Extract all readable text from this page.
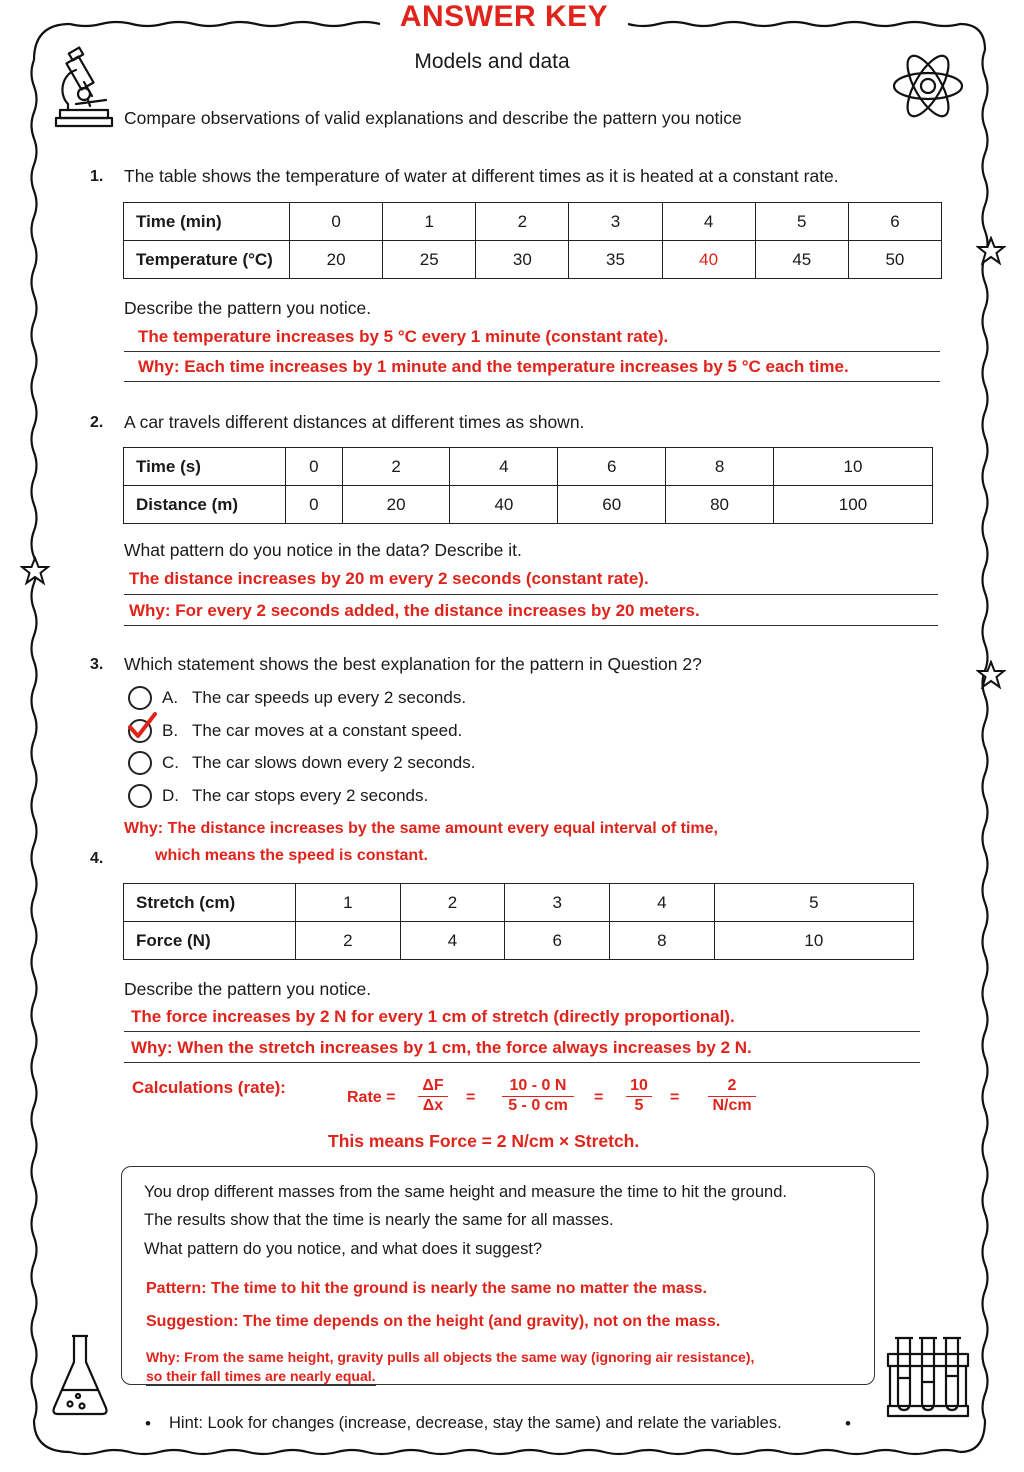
ANSWER KEY
Models and data
Compare observations of valid explanations and describe the pattern you notice
1. The table shows the temperature of water at different times as it is heated at a constant rate.
Time (min)	0	1	2	3	4	5	6
Temperature (°C)	20	25	30	35	40	45	50
Describe the pattern you notice.
The temperature increases by 5 °C every 1 minute (constant rate).
Why: Each time increases by 1 minute and the temperature increases by 5 °C each time.
2. A car travels different distances at different times as shown.
Time (s)	0	2	4	6	8	10
Distance (m)	0	20	40	60	80	100
What pattern do you notice in the data? Describe it.
The distance increases by 20 m every 2 seconds (constant rate).
Why: For every 2 seconds added, the distance increases by 20 meters.
3. Which statement shows the best explanation for the pattern in Question 2?
A. The car speeds up every 2 seconds.
B. The car moves at a constant speed.
C. The car slows down every 2 seconds.
D. The car stops every 2 seconds.
Why: The distance increases by the same amount every equal interval of time,
which means the speed is constant.
4.
Stretch (cm)	1	2	3	4	5
Force (N)	2	4	6	8	10
Describe the pattern you notice.
The force increases by 2 N for every 1 cm of stretch (directly proportional).
Why: When the stretch increases by 1 cm, the force always increases by 2 N.
Calculations (rate):
Rate = $\frac{\Delta F}{\Delta x} = \frac{10 - 0 N}{5 - 0 cm} = \frac{10}{5} = \frac{2}{N/cm}$
This means Force = 2 N/cm × Stretch.
You drop different masses from the same height and measure the time to hit the ground.
The results show that the time is nearly the same for all masses.
What pattern do you notice, and what does it suggest?
Pattern: The time to hit the ground is nearly the same no matter the mass.
Suggestion: The time depends on the height (and gravity), not on the mass.
Why: From the same height, gravity pulls all objects the same way (ignoring air resistance),
so their fall times are nearly equal.
• Hint: Look for changes (increase, decrease, stay the same) and relate the variables.	•
